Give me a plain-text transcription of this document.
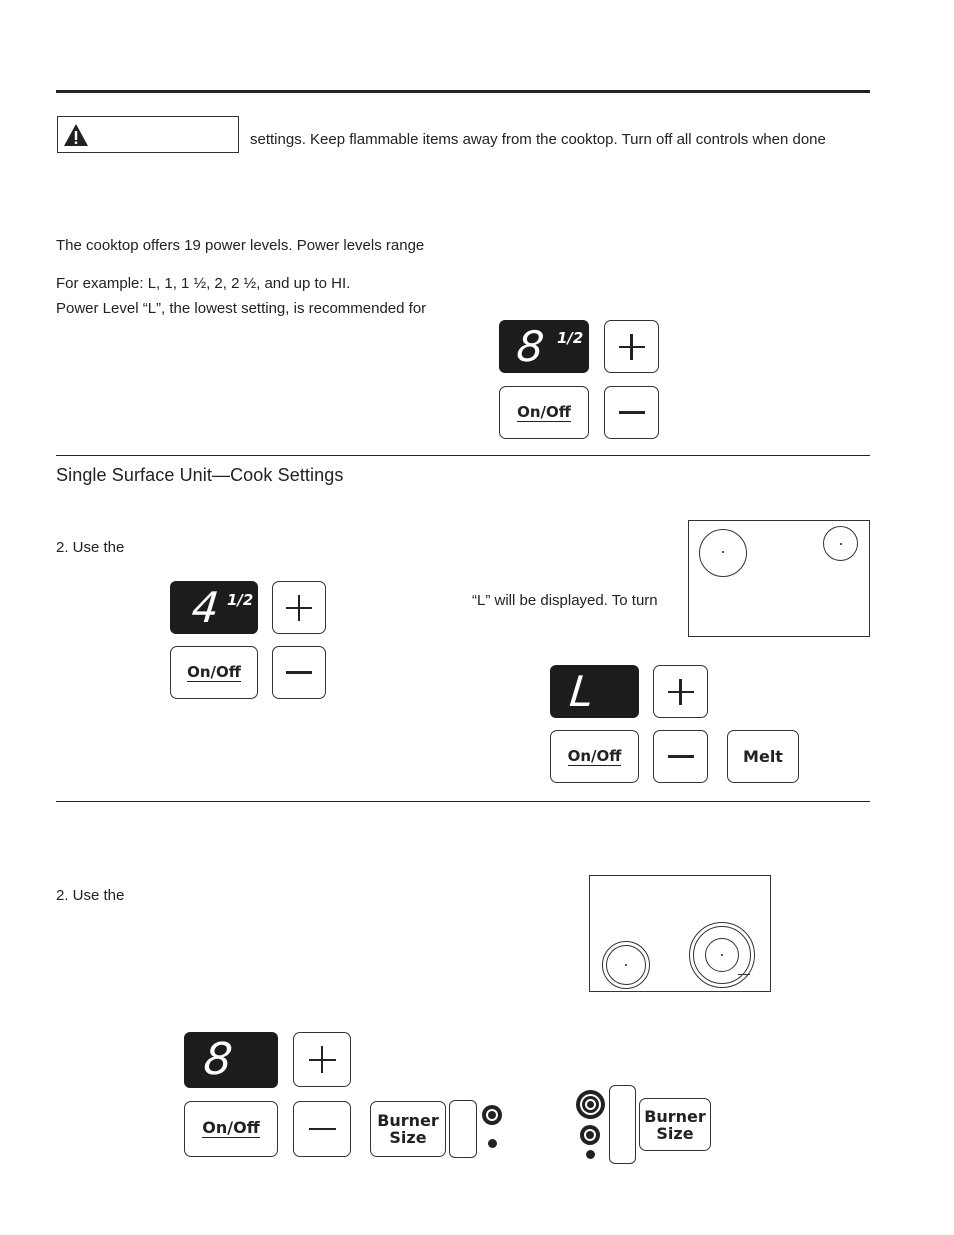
settings. Keep flammable items away from the cooktop. Turn off all controls when done
The cooktop offers 19 power levels. Power levels range
For example: L, 1, 1 ½, 2, 2 ½, and up to HI.
Power Level “L”, the lowest setting, is recommended for
8 1/2
On/Off
Single Surface Unit—Cook Settings
2. Use the
“L” will be displayed. To turn
4 1/2
On/Off	L
On/Off	Melt
2. Use the
8
On/Off	Burner
Size
Burner
Size
